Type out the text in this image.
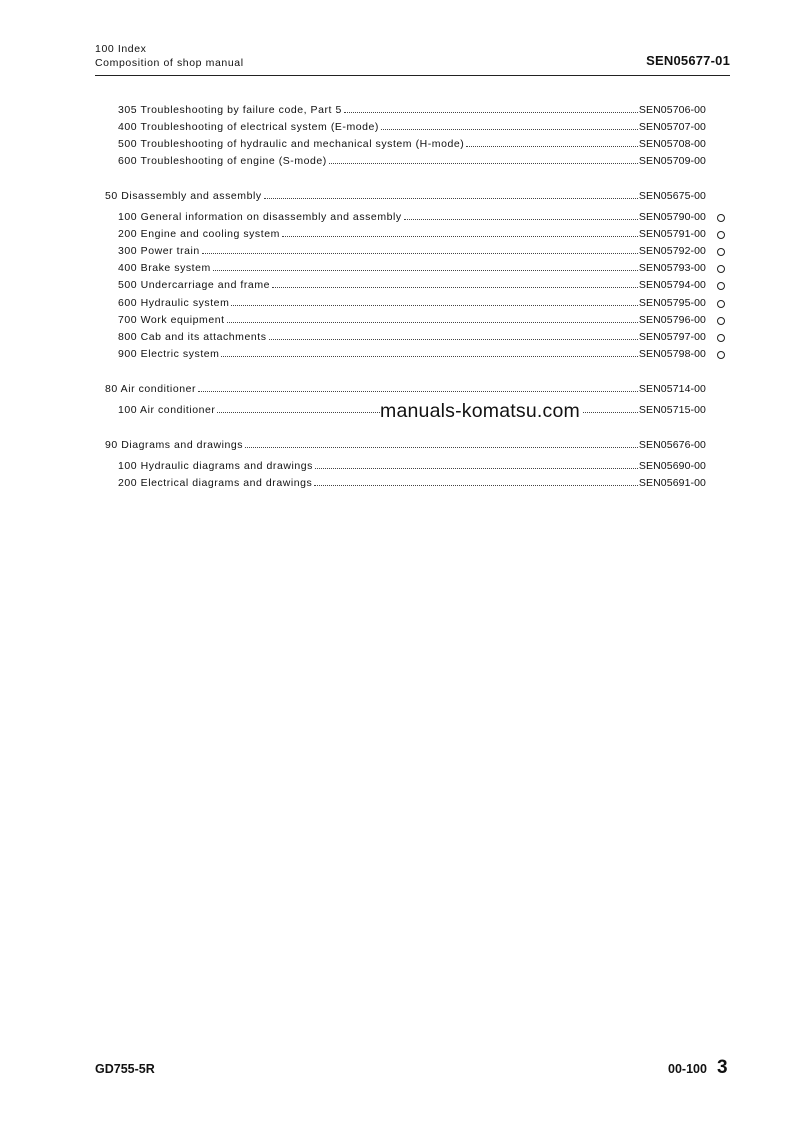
100 Index
Composition of shop manual	SEN05677-01
305 Troubleshooting by failure code, Part 5	SEN05706-00
400 Troubleshooting of electrical system (E-mode)	SEN05707-00
500 Troubleshooting of hydraulic and mechanical system (H-mode)	SEN05708-00
600 Troubleshooting of engine (S-mode)	SEN05709-00
50 Disassembly and assembly	SEN05675-00
100 General information on disassembly and assembly	SEN05790-00
200 Engine and cooling system	SEN05791-00
300 Power train	SEN05792-00
400 Brake system	SEN05793-00
500 Undercarriage and frame	SEN05794-00
600 Hydraulic system	SEN05795-00
700 Work equipment	SEN05796-00
800 Cab and its attachments	SEN05797-00
900 Electric system	SEN05798-00
80 Air conditioner	SEN05714-00
100 Air conditioner	SEN05715-00
90 Diagrams and drawings	SEN05676-00
100 Hydraulic diagrams and drawings	SEN05690-00
200 Electrical diagrams and drawings	SEN05691-00
manuals-komatsu.com
GD755-5R	00-100 3
